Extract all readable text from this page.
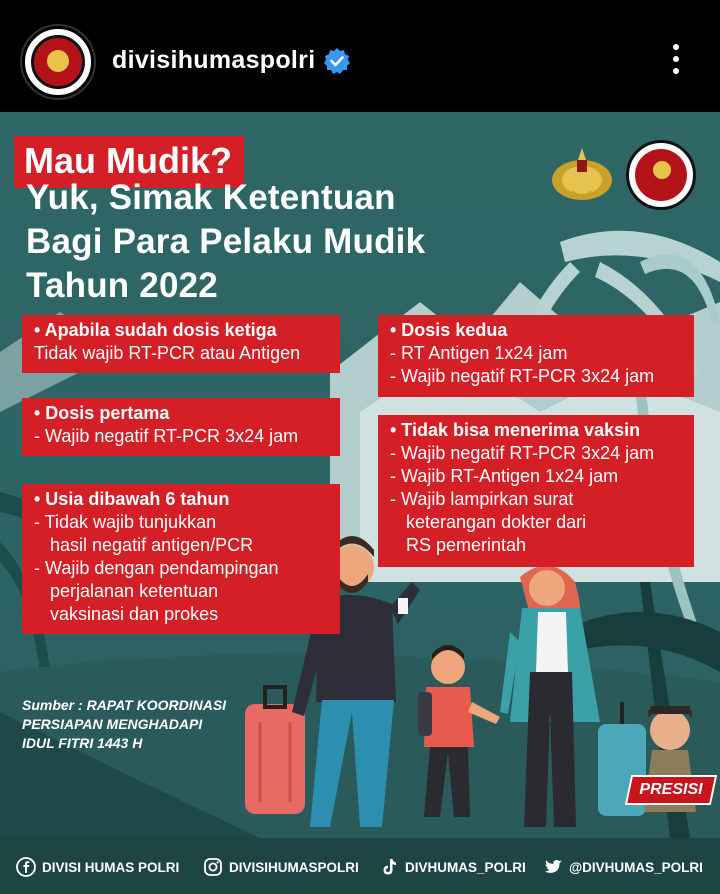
divisihumaspolri
Mau Mudik?
Yuk, Simak Ketentuan
Bagi Para Pelaku Mudik
Tahun 2022
• Apabila sudah dosis ketiga
Tidak wajib RT-PCR atau Antigen
• Dosis pertama
- Wajib negatif RT-PCR 3x24 jam
• Usia dibawah 6 tahun
- Tidak wajib tunjukkan
hasil negatif antigen/PCR
- Wajib dengan pendampingan
perjalanan ketentuan
vaksinasi dan prokes
• Dosis kedua
- RT Antigen 1x24 jam
- Wajib negatif RT-PCR 3x24 jam
• Tidak bisa menerima vaksin
- Wajib negatif RT-PCR 3x24 jam
- Wajib RT-Antigen 1x24 jam
- Wajib lampirkan surat
keterangan dokter dari
RS pemerintah
Sumber : RAPAT KOORDINASI
PERSIAPAN MENGHADAPI
IDUL FITRI 1443 H
PRESISI
DIVISI HUMAS POLRI	DIVISIHUMASPOLRI	DIVHUMAS_POLRI	@DIVHUMAS_POLRI
